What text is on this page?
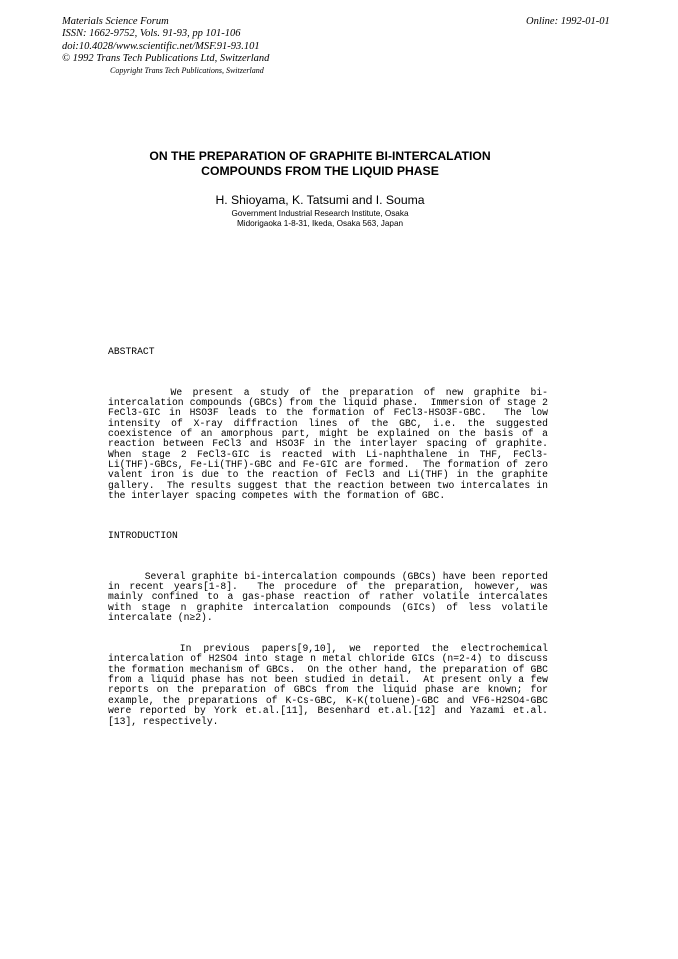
Materials Science Forum
ISSN: 1662-9752, Vols. 91-93, pp 101-106
doi:10.4028/www.scientific.net/MSF.91-93.101
© 1992 Trans Tech Publications Ltd, Switzerland
Copyright Trans Tech Publications, Switzerland
Online: 1992-01-01
ON THE PREPARATION OF GRAPHITE BI-INTERCALATION
COMPOUNDS FROM THE LIQUID PHASE
H. Shioyama, K. Tatsumi and I. Souma
Government Industrial Research Institute, Osaka
Midorigaoka 1-8-31, Ikeda, Osaka 563, Japan
ABSTRACT

We present a study of the preparation of new graphite bi-intercalation compounds (GBCs) from the liquid phase.  Immersion of stage 2 FeCl3-GIC in HSO3F leads to the formation of FeCl3-HSO3F-GBC.  The low intensity of X-ray diffraction lines of the GBC, i.e. the suggested coexistence of an amorphous part, might be explained on the basis of a reaction between FeCl3 and HSO3F in the interlayer spacing of graphite.  When stage 2 FeCl3-GIC is reacted with Li-naphthalene in THF, FeCl3-Li(THF)-GBCs, Fe-Li(THF)-GBC and Fe-GIC are formed.  The formation of zero valent iron is due to the reaction of FeCl3 and Li(THF) in the graphite gallery.  The results suggest that the reaction between two intercalates in the interlayer spacing competes with the formation of GBC.

INTRODUCTION

Several graphite bi-intercalation compounds (GBCs) have been reported in recent years[1-8].  The procedure of the preparation, however, was mainly confined to a gas-phase reaction of rather volatile intercalates with stage n graphite intercalation compounds (GICs) of less volatile intercalate (n≥2).

In previous papers[9,10], we reported the electrochemical intercalation of H2SO4 into stage n metal chloride GICs (n=2-4) to discuss the formation mechanism of GBCs.  On the other hand, the preparation of GBC from a liquid phase has not been studied in detail.  At present only a few reports on the preparation of GBCs from the liquid phase are known; for example, the preparations of K-Cs-GBC, K-K(toluene)-GBC and VF6-H2SO4-GBC were reported by York et.al.[11], Besenhard et.al.[12] and Yazami et.al.[13], respectively.
